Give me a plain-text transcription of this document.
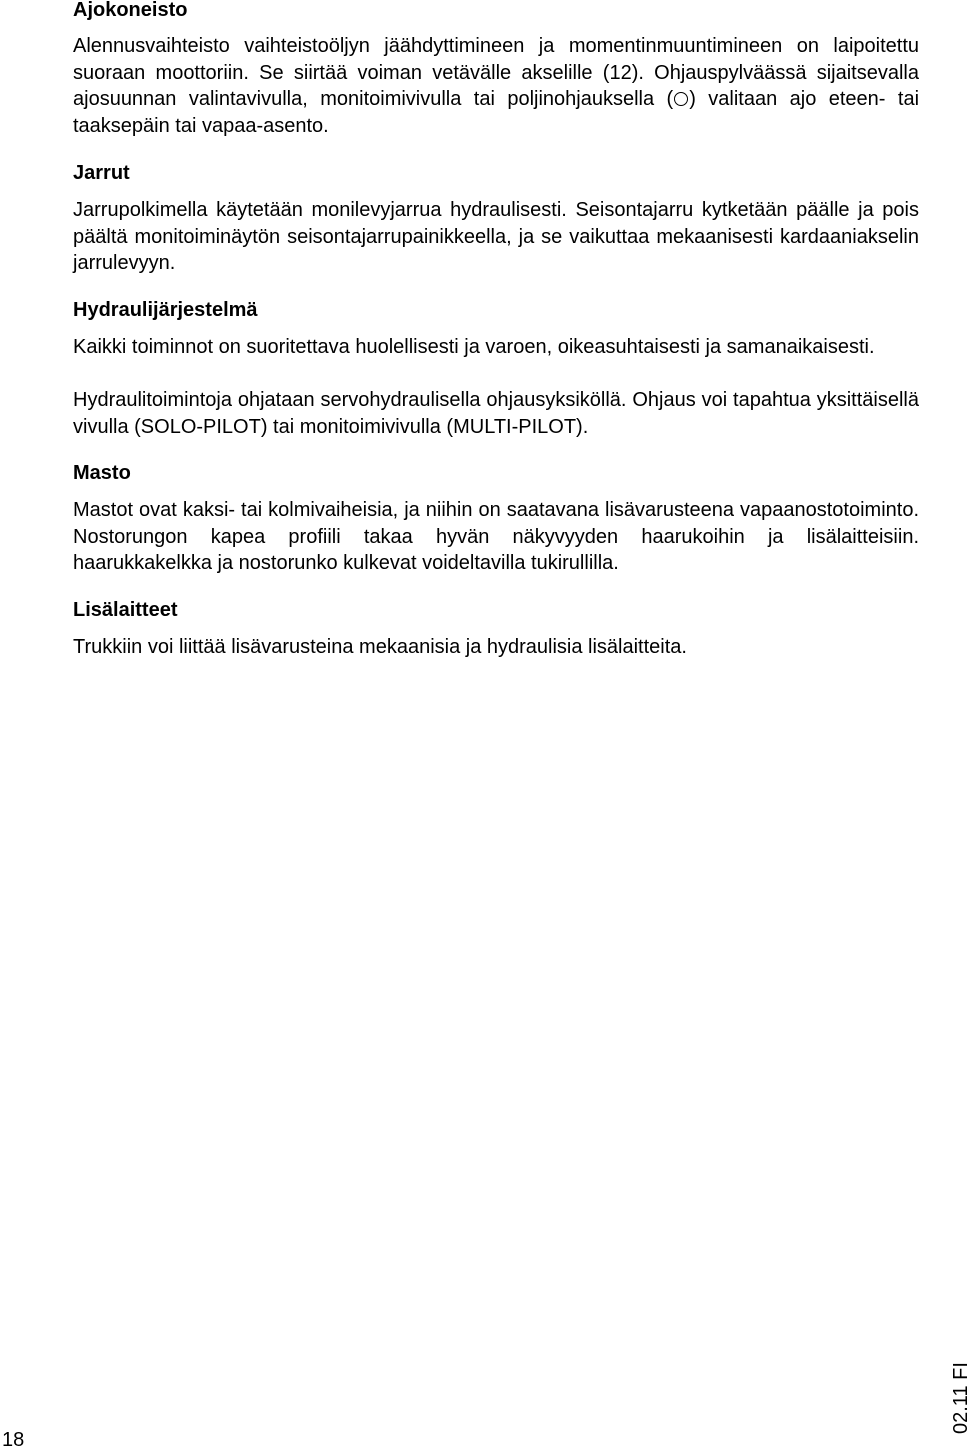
Ajokoneisto

Alennusvaihteisto vaihteistoöljyn jäähdyttimineen ja momentinmuuntimineen on laipoitettu suoraan moottoriin. Se siirtää voiman vetävälle akselille (12). Ohjauspylväässä sijaitsevalla ajosuunnan valintavivulla, monitoimivivulla tai poljinohjauksella ( ) valitaan ajo eteen- tai taaksepäin tai vapaa-asento.

Jarrut

Jarrupolkimella käytetään monilevyjarrua hydraulisesti. Seisontajarru kytketään päälle ja pois päältä monitoiminäytön seisontajarrupainikkeella, ja se vaikuttaa mekaanisesti kardaaniakselin jarrulevyyn.

Hydraulijärjestelmä

Kaikki toiminnot on suoritettava huolellisesti ja varoen, oikeasuhtaisesti ja samanaikaisesti.

Hydraulitoimintoja ohjataan servohydraulisella ohjausyksiköllä. Ohjaus voi tapahtua yksittäisellä vivulla (SOLO-PILOT) tai monitoimivivulla (MULTI-PILOT).

Masto

Mastot ovat kaksi- tai kolmivaiheisia, ja niihin on saatavana lisävarusteena vapaanostotoiminto. Nostorungon kapea profiili takaa hyvän näkyvyyden haarukoihin ja lisälaitteisiin. haarukkakelkka ja nostorunko kulkevat voideltavilla tukirullilla.

Lisälaitteet

Trukkiin voi liittää lisävarusteina mekaanisia ja hydraulisia lisälaitteita.

18
02.11 FI
